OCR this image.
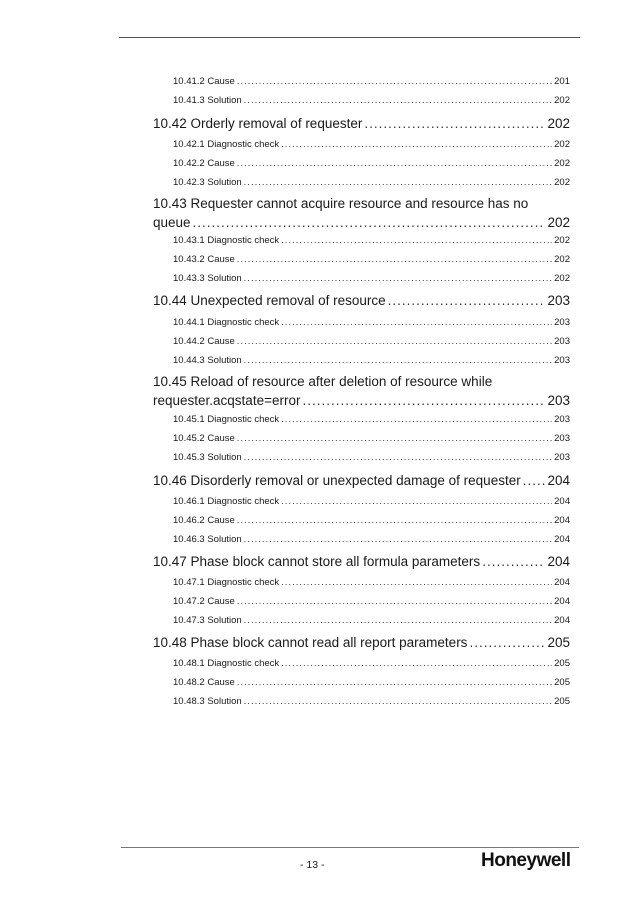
10.41.2 Cause .....	201
10.41.3 Solution .....	202
10.42 Orderly removal of requester .....	202
10.42.1 Diagnostic check .....	202
10.42.2 Cause .....	202
10.42.3 Solution .....	202
10.43 Requester cannot acquire resource and resource has no
queue .....	202
10.43.1 Diagnostic check .....	202
10.43.2 Cause .....	202
10.43.3 Solution .....	202
10.44 Unexpected removal of resource .....	203
10.44.1 Diagnostic check .....	203
10.44.2 Cause .....	203
10.44.3 Solution .....	203
10.45 Reload of resource after deletion of resource while
requester.acqstate=error .....	203
10.45.1 Diagnostic check .....	203
10.45.2 Cause .....	203
10.45.3 Solution .....	203
10.46 Disorderly removal or unexpected damage of requester ..... 204
10.46.1 Diagnostic check .....	204
10.46.2 Cause .....	204
10.46.3 Solution .....	204
10.47 Phase block cannot store all formula parameters .....	204
10.47.1 Diagnostic check .....	204
10.47.2 Cause .....	204
10.47.3 Solution .....	204
10.48 Phase block cannot read all report parameters .....	205
10.48.1 Diagnostic check .....	205
10.48.2 Cause .....	205
10.48.3 Solution .....	205
- 13 -	Honeywell
